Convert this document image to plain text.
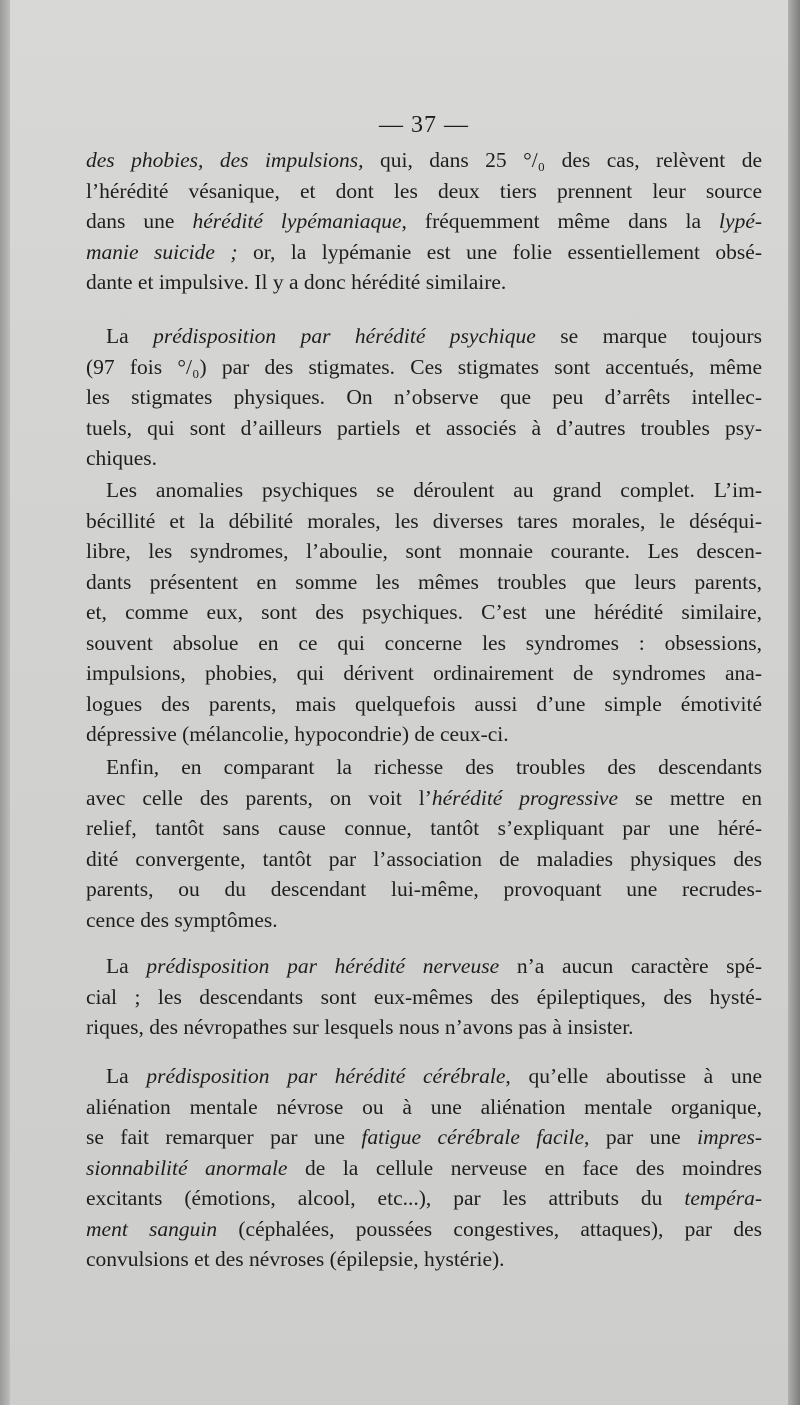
— 37 —
des phobies, des impulsions, qui, dans 25 °/₀ des cas, relèvent de
l’hérédité vésanique, et dont les deux tiers prennent leur source
dans une hérédité lypémaniaque, fréquemment même dans la lypé-
manie suicide ; or, la lypémanie est une folie essentiellement obsé-
dante et impulsive. Il y a donc hérédité similaire.
La prédisposition par hérédité psychique se marque toujours
(97 fois °/₀) par des stigmates. Ces stigmates sont accentués, même
les stigmates physiques. On n’observe que peu d’arrêts intellec-
tuels, qui sont d’ailleurs partiels et associés à d’autres troubles psy-
chiques.
Les anomalies psychiques se déroulent au grand complet. L’im-
bécillité et la débilité morales, les diverses tares morales, le déséqui-
libre, les syndromes, l’aboulie, sont monnaie courante. Les descen-
dants présentent en somme les mêmes troubles que leurs parents,
et, comme eux, sont des psychiques. C’est une hérédité similaire,
souvent absolue en ce qui concerne les syndromes : obsessions,
impulsions, phobies, qui dérivent ordinairement de syndromes ana-
logues des parents, mais quelquefois aussi d’une simple émotivité
dépressive (mélancolie, hypocondrie) de ceux-ci.
Enfin, en comparant la richesse des troubles des descendants
avec celle des parents, on voit l’hérédité progressive se mettre en
relief, tantôt sans cause connue, tantôt s’expliquant par une héré-
dité convergente, tantôt par l’association de maladies physiques des
parents, ou du descendant lui-même, provoquant une recrudes-
cence des symptômes.
La prédisposition par hérédité nerveuse n’a aucun caractère spé-
cial ; les descendants sont eux-mêmes des épileptiques, des hysté-
riques, des névropathes sur lesquels nous n’avons pas à insister.
La prédisposition par hérédité cérébrale, qu’elle aboutisse à une
aliénation mentale névrose ou à une aliénation mentale organique,
se fait remarquer par une fatigue cérébrale facile, par une impres-
sionnabilité anormale de la cellule nerveuse en face des moindres
excitants (émotions, alcool, etc...), par les attributs du tempéra-
ment sanguin (céphalées, poussées congestives, attaques), par des
convulsions et des névroses (épilepsie, hystérie).
